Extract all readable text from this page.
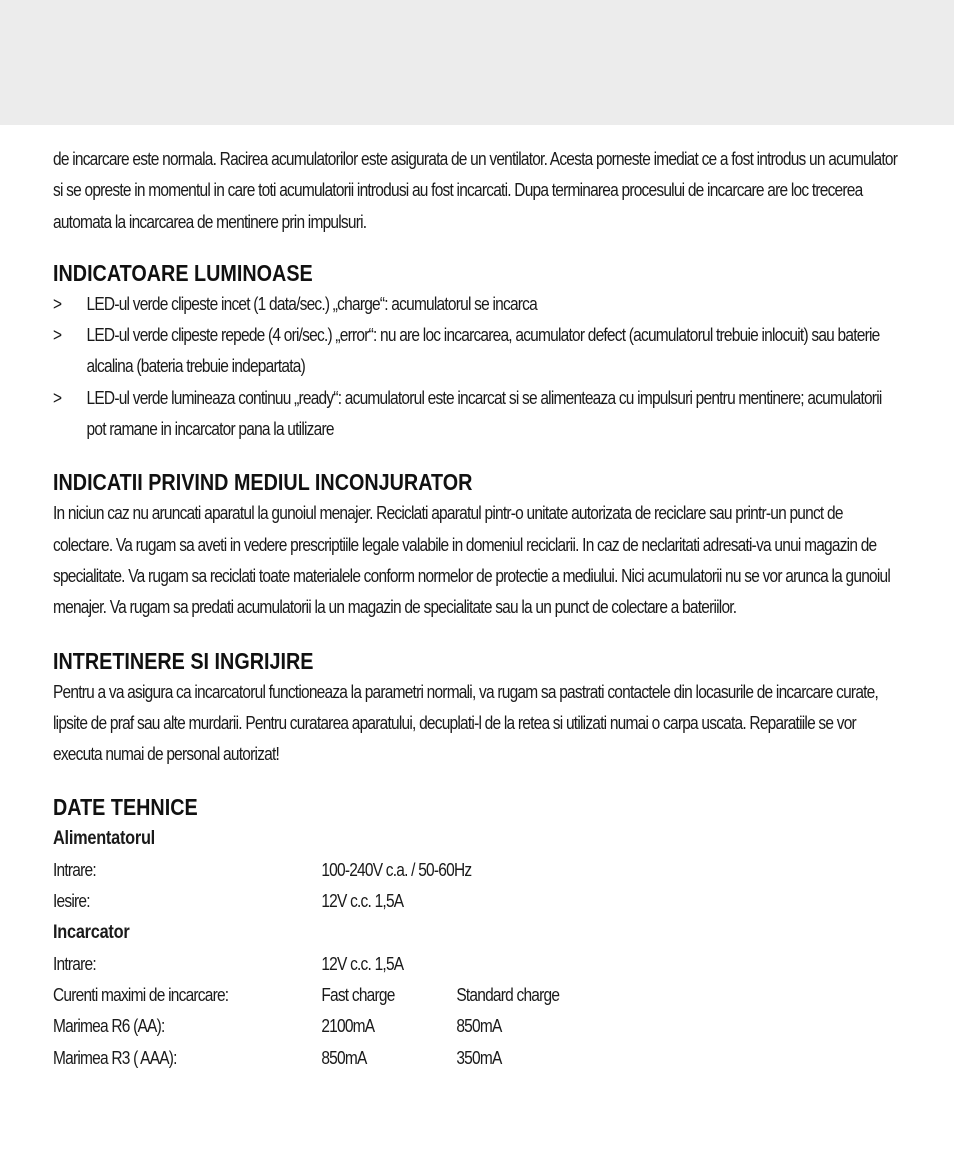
de incarcare este normala. Racirea acumulatorilor este asigurata de un ventilator. Acesta porneste imediat ce a fost introdus un acumulator si se opreste in momentul in care toti acumulatorii introdusi au fost incarcati. Dupa terminarea procesului de incarcare are loc trecerea automata la incarcarea de mentinere prin impulsuri.

INDICATOARE LUMINOASE
> LED-ul verde clipeste incet (1 data/sec.) „charge“: acumulatorul se incarca
> LED-ul verde clipeste repede (4 ori/sec.) „error“: nu are loc incarcarea, acumulator defect (acumulatorul trebuie inlocuit) sau baterie alcalina (bateria trebuie indepartata)
> LED-ul verde lumineaza continuu „ready“: acumulatorul este incarcat si se alimenteaza cu impulsuri pentru mentinere; acumulatorii pot ramane in incarcator pana la utilizare
INDICATII PRIVIND MEDIUL INCONJURATOR

In niciun caz nu aruncati aparatul la gunoiul menajer. Reciclati aparatul pintr-o unitate autorizata de reciclare sau printr-un punct de colectare. Va rugam sa aveti in vedere prescriptiile legale valabile in domeniul reciclarii. In caz de neclaritati adresati-va unui magazin de specialitate. Va rugam sa reciclati toate materialele conform normelor de protectie a mediului. Nici acumulatorii nu se vor arunca la gunoiul menajer. Va rugam sa predati acumulatorii la un magazin de specialitate sau la un punct de colectare a bateriilor.

INTRETINERE SI INGRIJIRE

Pentru a va asigura ca incarcatorul functioneaza la parametri normali, va rugam sa pastrati contactele din locasurile de incarcare curate, lipsite de praf sau alte murdarii. Pentru curatarea aparatului, decuplati-l de la retea si utilizati numai o carpa uscata. Reparatiile se vor executa numai de personal autorizat!

DATE TEHNICE
Alimentatorul
Intrare:	100-240V c.a. / 50-60Hz
Iesire:	12V c.c. 1,5A
Incarcator
Intrare:	12V c.c. 1,5A
Curenti maximi de incarcare:	Fast charge	Standard charge
Marimea R6 (AA):	2100mA	850mA
Marimea R3 ( AAA):	850mA	350mA
